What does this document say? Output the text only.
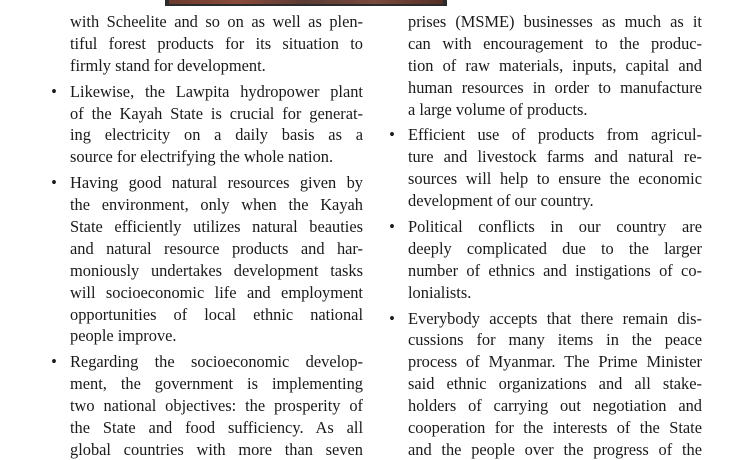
with Scheelite and so on as well as plen-
tiful forest products for its situation to
firmly stand for development.
• Likewise, the Lawpita hydropower plant
of the Kayah State is crucial for generat-
ing electricity on a daily basis as a
source for electrifying the whole nation.
• Having good natural resources given by
the environment, only when the Kayah
State efficiently utilizes natural beauties
and natural resource products and har-
moniously undertakes development tasks
will socioeconomic life and employment
opportunities of local ethnic national
people improve.
• Regarding the socioeconomic develop-
ment, the government is implementing
two national objectives: the prosperity of
the State and food sufficiency. As all
global countries with more than seven
prises (MSME) businesses as much as it
can with encouragement to the produc-
tion of raw materials, inputs, capital and
human resources in order to manufacture
a large volume of products.
• Efficient use of products from agricul-
ture and livestock farms and natural re-
sources will help to ensure the economic
development of our country.
• Political conflicts in our country are
deeply complicated due to the larger
number of ethnics and instigations of co-
lonialists.
• Everybody accepts that there remain dis-
cussions for many items in the peace
process of Myanmar. The Prime Minister
said ethnic organizations and all stake-
holders of carrying out negotiation and
cooperation for the interests of the State
and the people over the progress of the
